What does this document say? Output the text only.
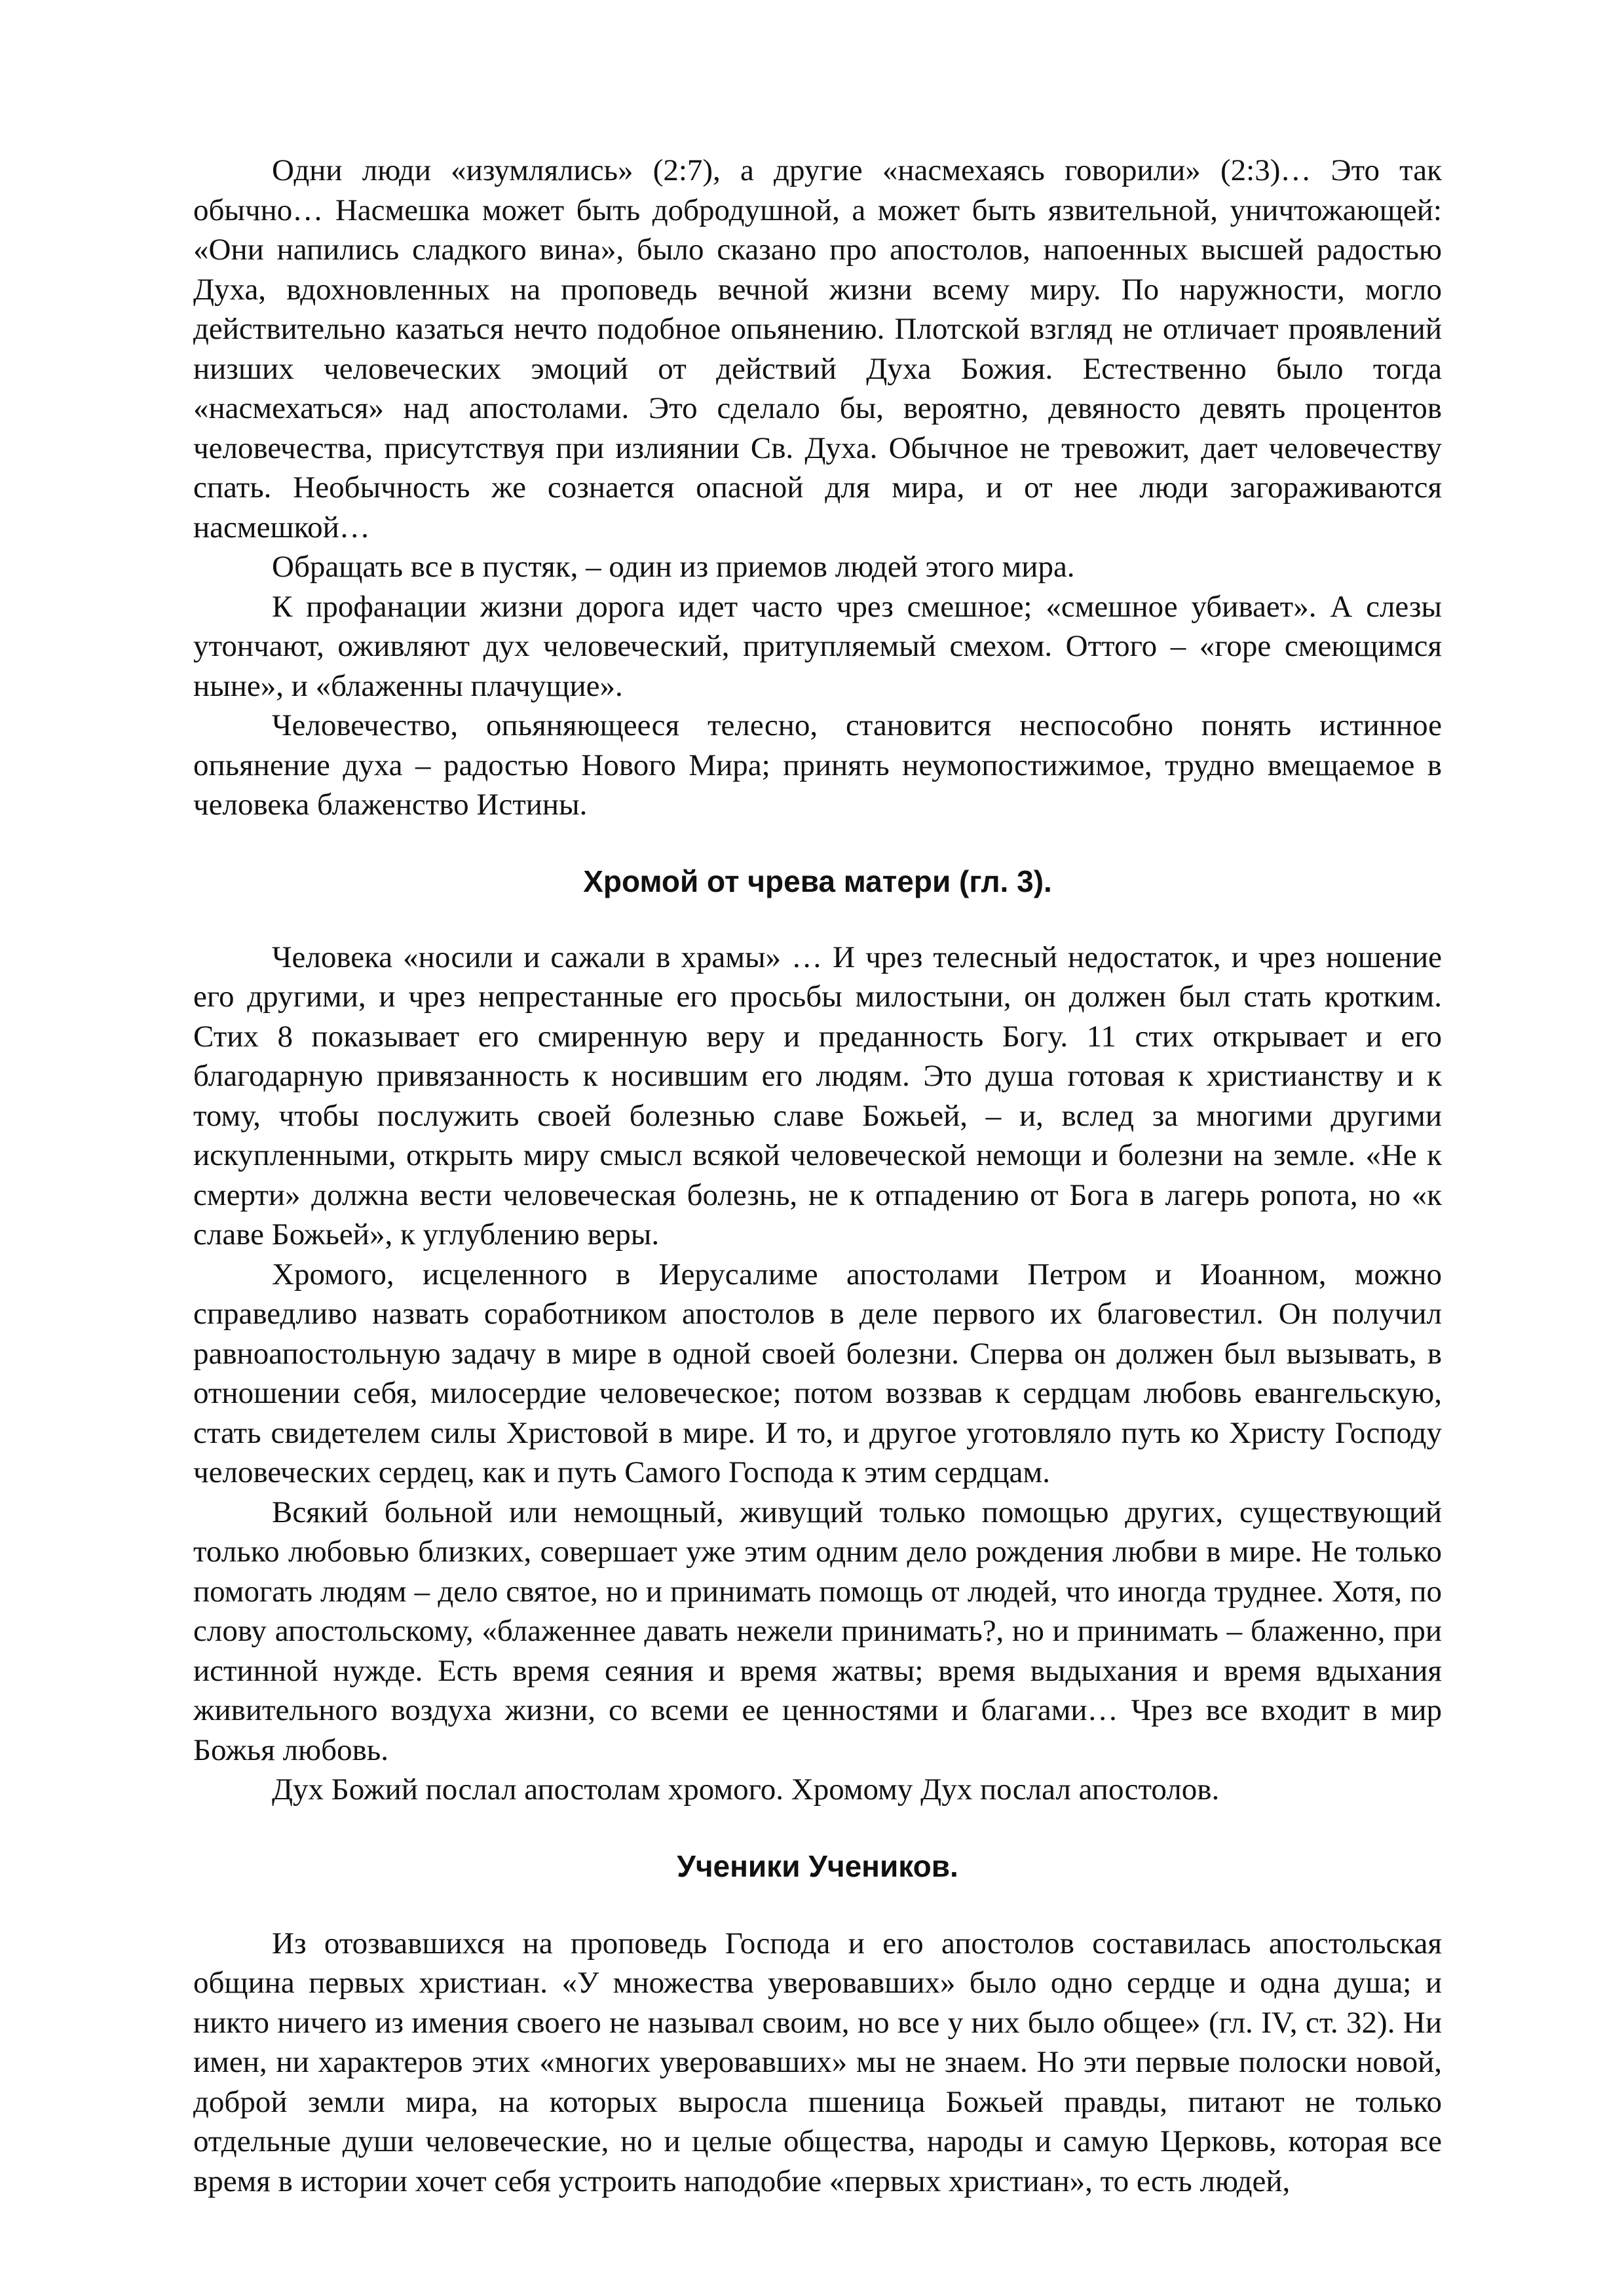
Одни люди «изумлялись» (2:7), а другие «насмехаясь говорили» (2:3)… Это так обычно… Насмешка может быть добродушной, а может быть язвительной, уничтожающей: «Они напились сладкого вина», было сказано про апостолов, напоенных высшей радостью Духа, вдохновленных на проповедь вечной жизни всему миру. По наружности, могло действительно казаться нечто подобное опьянению. Плотской взгляд не отличает проявлений низших человеческих эмоций от действий Духа Божия. Естественно было тогда «насмехаться» над апостолами. Это сделало бы, вероятно, девяносто девять процентов человечества, присутствуя при излиянии Св. Духа. Обычное не тревожит, дает человечеству спать. Необычность же сознается опасной для мира, и от нее люди загораживаются насмешкой…

Обращать все в пустяк, – один из приемов людей этого мира.

К профанации жизни дорога идет часто чрез смешное; «смешное убивает». А слезы утончают, оживляют дух человеческий, притупляемый смехом. Оттого – «горе смеющимся ныне», и «блаженны плачущие».

Человечество, опьяняющееся телесно, становится неспособно понять истинное опьянение духа – радостью Нового Мира; принять неумопостижимое, трудно вмещаемое в человека блаженство Истины.

Хромой от чрева матери (гл. 3).

Человека «носили и сажали в храмы» … И чрез телесный недостаток, и чрез ношение его другими, и чрез непрестанные его просьбы милостыни, он должен был стать кротким. Стих 8 показывает его смиренную веру и преданность Богу. 11 стих открывает и его благодарную привязанность к носившим его людям. Это душа готовая к христианству и к тому, чтобы послужить своей болезнью славе Божьей, – и, вслед за многими другими искупленными, открыть миру смысл всякой человеческой немощи и болезни на земле. «Не к смерти» должна вести человеческая болезнь, не к отпадению от Бога в лагерь ропота, но «к славе Божьей», к углублению веры.

Хромого, исцеленного в Иерусалиме апостолами Петром и Иоанном, можно справедливо назвать соработником апостолов в деле первого их благовестил. Он получил равноапостольную задачу в мире в одной своей болезни. Сперва он должен был вызывать, в отношении себя, милосердие человеческое; потом воззвав к сердцам любовь евангельскую, стать свидетелем силы Христовой в мире. И то, и другое уготовляло путь ко Христу Господу человеческих сердец, как и путь Самого Господа к этим сердцам.

Всякий больной или немощный, живущий только помощью других, существующий только любовью близких, совершает уже этим одним дело рождения любви в мире. Не только помогать людям – дело святое, но и принимать помощь от людей, что иногда труднее. Хотя, по слову апостольскому, «блаженнее давать нежели принимать?, но и принимать – блаженно, при истинной нужде. Есть время сеяния и время жатвы; время выдыхания и время вдыхания живительного воздуха жизни, со всеми ее ценностями и благами… Чрез все входит в мир Божья любовь.

Дух Божий послал апостолам хромого. Хромому Дух послал апостолов.

Ученики Учеников.

Из отозвавшихся на проповедь Господа и его апостолов составилась апостольская община первых христиан. «У множества уверовавших» было одно сердце и одна душа; и никто ничего из имения своего не называл своим, но все у них было общее» (гл. IV, ст. 32). Ни имен, ни характеров этих «многих уверовавших» мы не знаем. Но эти первые полоски новой, доброй земли мира, на которых выросла пшеница Божьей правды, питают не только отдельные души человеческие, но и целые общества, народы и самую Церковь, которая все время в истории хочет себя устроить наподобие «первых христиан», то есть людей,
